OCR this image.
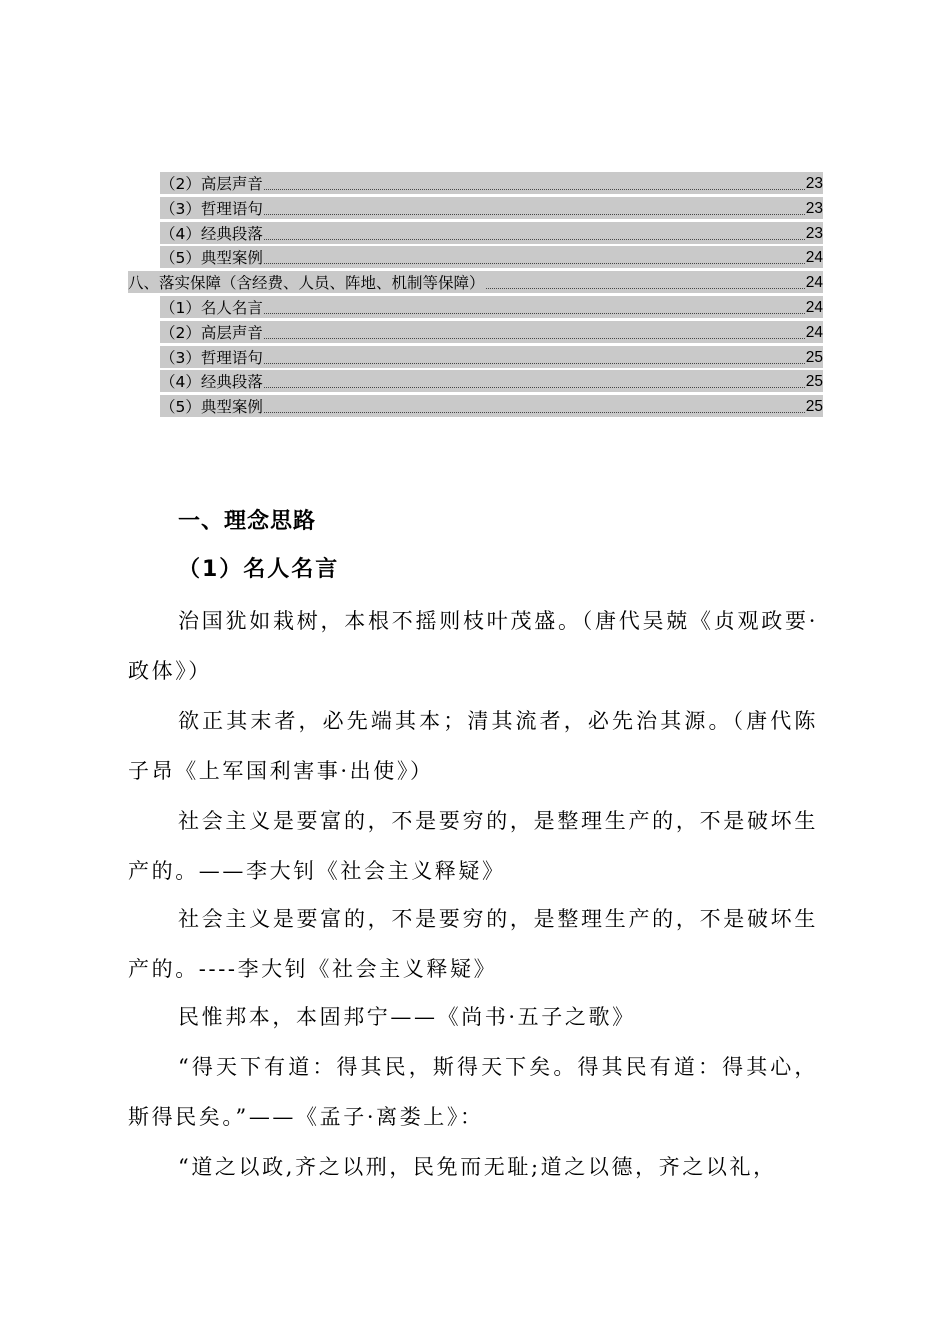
（2）高层声音	23
（3）哲理语句	23
（4）经典段落	23
（5）典型案例	24
八、落实保障（含经费、人员、阵地、机制等保障）	24
（1）名人名言	24
（2）高层声音	24
（3）哲理语句	25
（4）经典段落	25
（5）典型案例	25
一、理念思路
（1）名人名言

治国犹如栽树，本根不摇则枝叶茂盛。（唐代吴兢《贞观政要·政体》）

欲正其末者，必先端其本；清其流者，必先治其源。（唐代陈子昂《上军国利害事·出使》）

社会主义是要富的，不是要穷的，是整理生产的，不是破坏生产的。——李大钊《社会主义释疑》

社会主义是要富的，不是要穷的，是整理生产的，不是破坏生产的。----李大钊《社会主义释疑》

民惟邦本，本固邦宁——《尚书·五子之歌》

“得天下有道：得其民，斯得天下矣。得其民有道：得其心，斯得民矣。”——《孟子·离娄上》：

“道之以政,齐之以刑，民免而无耻;道之以德，齐之以礼，
